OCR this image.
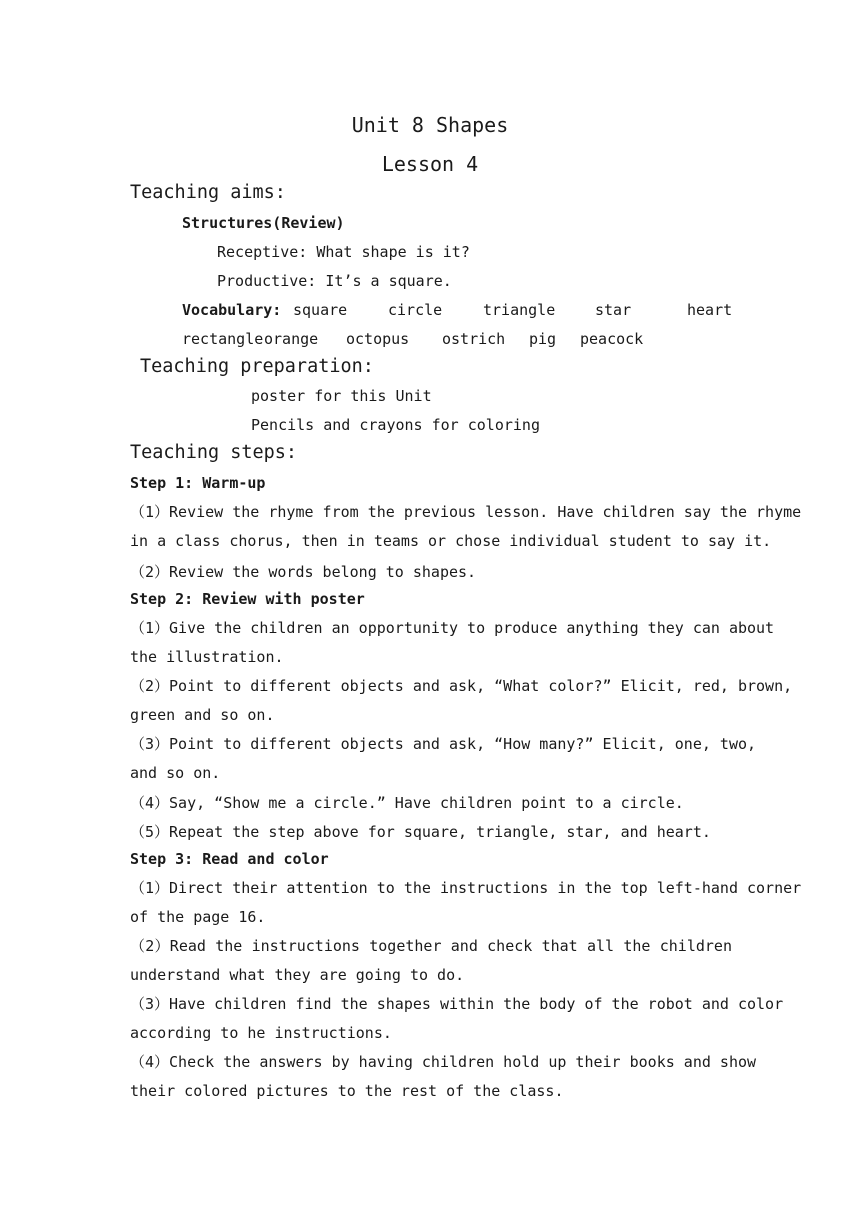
Unit 8 Shapes
Lesson 4
Teaching aims:
Structures(Review)
Receptive: What shape is it?
Productive: It’s a square.
Vocabulary: square	circle	triangle	star	heart
rectangle orange octopus ostrich pig peacock
Teaching preparation:
poster for this Unit
Pencils and crayons for coloring
Teaching steps:
Step 1: Warm-up
（1）Review the rhyme from the previous lesson. Have children say the rhyme
in a class chorus, then in teams or chose individual student to say it.
（2）Review the words belong to shapes.
Step 2: Review with poster
（1）Give the children an opportunity to produce anything they can about
the illustration.
（2）Point to different objects and ask, “What color?” Elicit, red, brown,
green and so on.
（3）Point to different objects and ask, “How many?” Elicit, one, two,
and so on.
（4）Say, “Show me a circle.” Have children point to a circle.
（5）Repeat the step above for square, triangle, star, and heart.
Step 3: Read and color
（1）Direct their attention to the instructions in the top left-hand corner
of the page 16.
（2）Read the instructions together and check that all the children
understand what they are going to do.
（3）Have children find the shapes within the body of the robot and color
according to he instructions.
（4）Check the answers by having children hold up their books and show
their colored pictures to the rest of the class.
